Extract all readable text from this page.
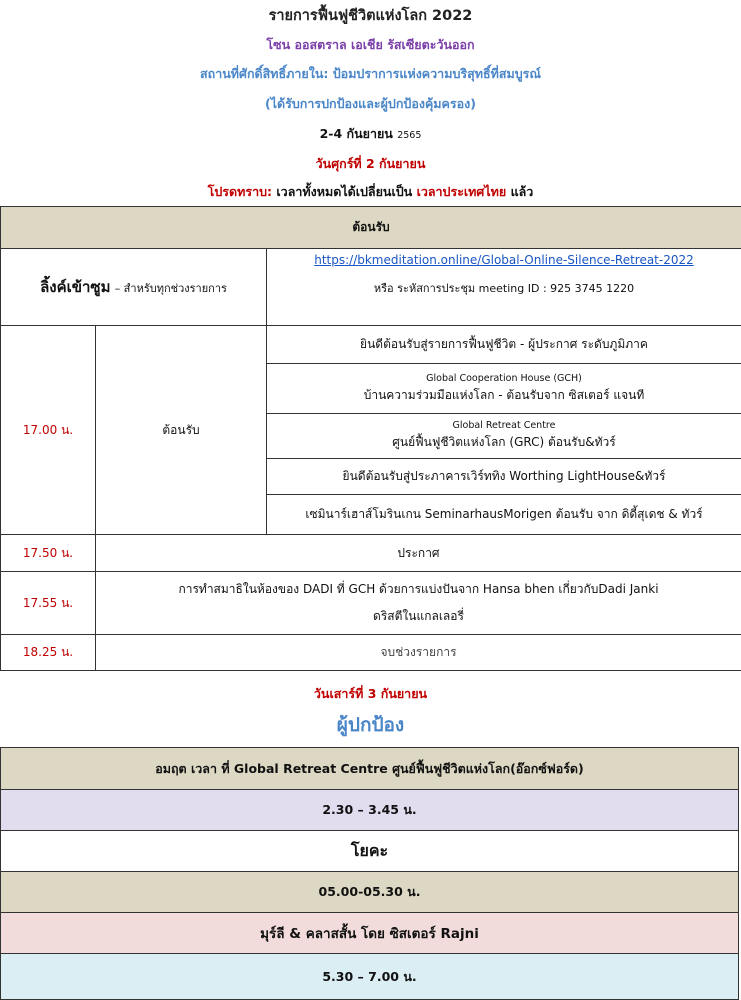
รายการฟื้นฟูชีวิตแห่งโลก 2022
โซน ออสตราล เอเชีย รัสเซียตะวันออก
สถานที่ศักดิ์สิทธิ์ภายใน: ป้อมปราการแห่งความบริสุทธิ์ที่สมบูรณ์
(ได้รับการปกป้องและผู้ปกป้องคุ้มครอง)
2-4 กันยายน 2565
วันศุกร์ที่ 2 กันยายน
โปรดทราบ: เวลาทั้งหมดได้เปลี่ยนเป็น เวลาประเทศไทย แล้ว
ต้อนรับ		
ลิ้งค์เข้าซูม – สำหรับทุกช่วงรายการ		https://bkmeditation.online/Global-Online-Silence-Retreat-2022
หรือ ระหัสการประชุม meeting ID : 925 3745 1220

17.00 น.	ต้อนรับ	ยินดีต้อนรับสู่รายการฟื้นฟูชีวิต - ผู้ประกาศ ระดับภูมิภาค

		Global Cooperation House (GCH)
บ้านความร่วมมือแห่งโลก - ต้อนรับจาก ซิสเตอร์ แจนที

		Global Retreat Centre
ศูนย์ฟื้นฟูชีวิตแห่งโลก (GRC) ต้อนรับ&ทัวร์
		ยินดีต้อนรับสู่ประภาคารเวิร์ททิง Worthing LightHouse&ทัวร์
		เซมินาร์เฮาส์โมรินเกน SeminarhausMorigen ต้อนรับ จาก ดิดี้สุเดช & ทัวร์
17.50 น.	ประกาศ	
17.55 น.	การทำสมาธิในห้องของ DADI ที่ GCH ด้วยการแบ่งปันจาก Hansa bhen เกี่ยวกับDadi Janki
ดริสตีในแกลเลอรี่	

18.25 น.	จบช่วงรายการ	
วันเสาร์ที่ 3 กันยายน
ผู้ปกป้อง
อมฤต เวลา ที่ Global Retreat Centre ศูนย์ฟื้นฟูชีวิตแห่งโลก(อ๊อกซ์ฟอร์ด)
2.30 – 3.45 น.
โยคะ
05.00-05.30 น.
มุร์ลี & คลาสสั้น โดย ซิสเตอร์ Rajni
5.30 – 7.00 น.
